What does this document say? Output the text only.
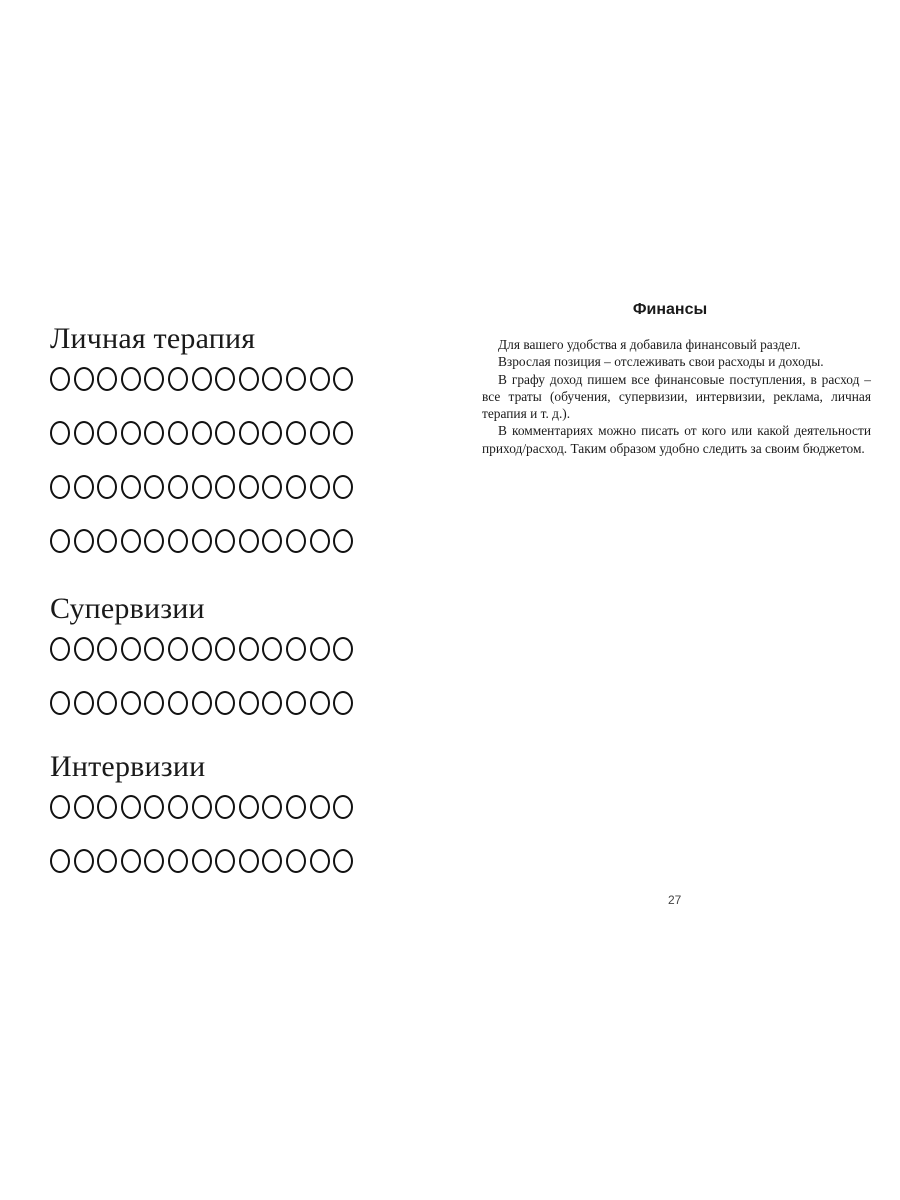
Личная терапия
Супервизии
Интервизии
Финансы

Для вашего удобства я добавила финансовый раздел.

Взрослая позиция – отслеживать свои расходы и доходы.

В графу доход пишем все финансовые поступления, в расход – все траты (обучения, супервизии, интервизии, реклама, личная терапия и т. д.).

В комментариях можно писать от кого или какой деятельности приход/расход. Таким образом удобно следить за своим бюджетом.

27
